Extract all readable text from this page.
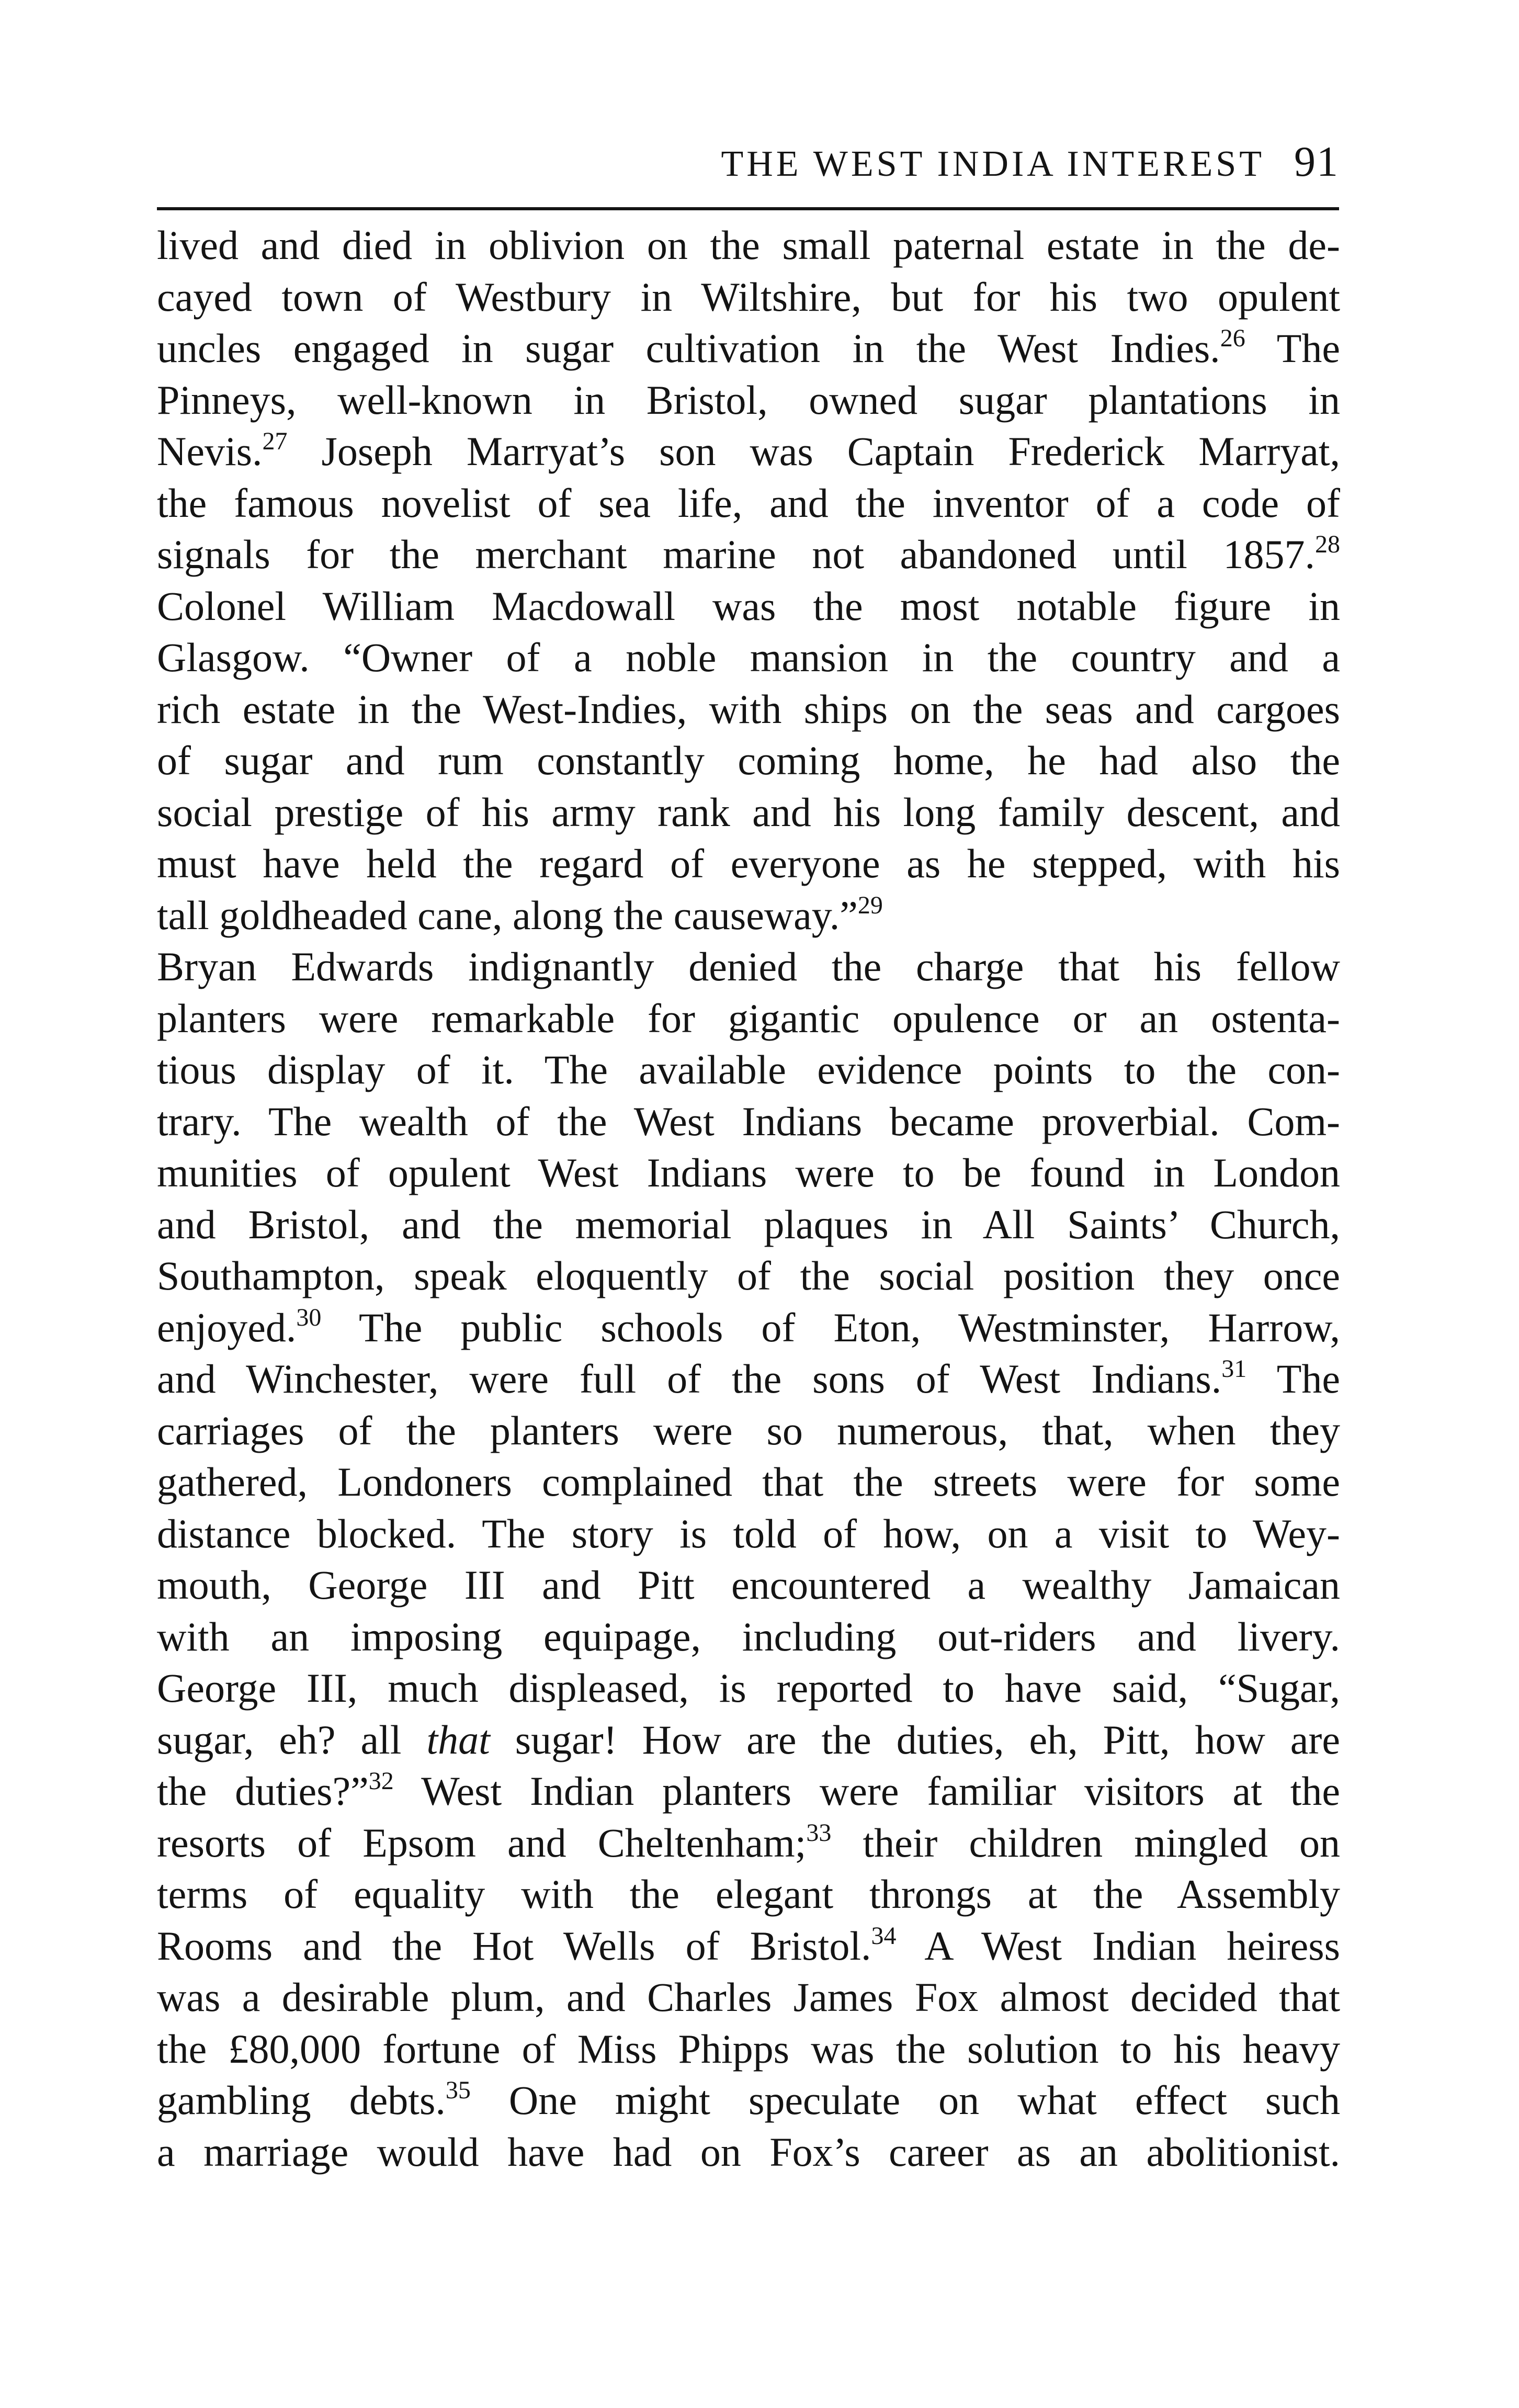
THE WEST INDIA INTEREST 91
lived and died in oblivion on the small paternal estate in the de-
cayed town of Westbury in Wiltshire, but for his two opulent
uncles engaged in sugar cultivation in the West Indies.$^{26}$ The
Pinneys, well-known in Bristol, owned sugar plantations in
Nevis.$^{27}$ Joseph Marryat’s son was Captain Frederick Marryat,
the famous novelist of sea life, and the inventor of a code of
signals for the merchant marine not abandoned until 1857.28
Colonel William Macdowall was the most notable figure in
Glasgow. “Owner of a noble mansion in the country and a
rich estate in the West-Indies, with ships on the seas and cargoes
of sugar and rum constantly coming home, he had also the
social prestige of his army rank and his long family descent, and
must have held the regard of everyone as he stepped, with his
tall goldheaded cane, along the causeway.”$^{29}$
Bryan Edwards indignantly denied the charge that his fellow
planters were remarkable for gigantic opulence or an ostenta-
tious display of it. The available evidence points to the con-
trary. The wealth of the West Indians became proverbial. Com-
munities of opulent West Indians were to be found in London
and Bristol, and the memorial plaques in All Saints’ Church,
Southampton, speak eloquently of the social position they once
enjoyed.$^{30}$ The public schools of Eton, Westminster, Harrow,
and Winchester, were full of the sons of West Indians.$^{31}$ The
carriages of the planters were so numerous, that, when they
gathered, Londoners complained that the streets were for some
distance blocked. The story is told of how, on a visit to Wey-
mouth, George III and Pitt encountered a wealthy Jamaican
with an imposing equipage, including out-riders and livery.
George III, much displeased, is reported to have said, “Sugar,
sugar, eh? all that sugar! How are the duties, eh, Pitt, how are
the duties?”$^{32}$ West Indian planters were familiar visitors at the
resorts of Epsom and Cheltenham;$^{33}$ their children mingled on
terms of equality with the elegant throngs at the Assembly
Rooms and the Hot Wells of Bristol.$^{34}$ A West Indian heiress
was a desirable plum, and Charles James Fox almost decided that
the £80,000 fortune of Miss Phipps was the solution to his heavy
gambling debts.$^{35}$ One might speculate on what effect such
a marriage would have had on Fox’s career as an abolitionist.
